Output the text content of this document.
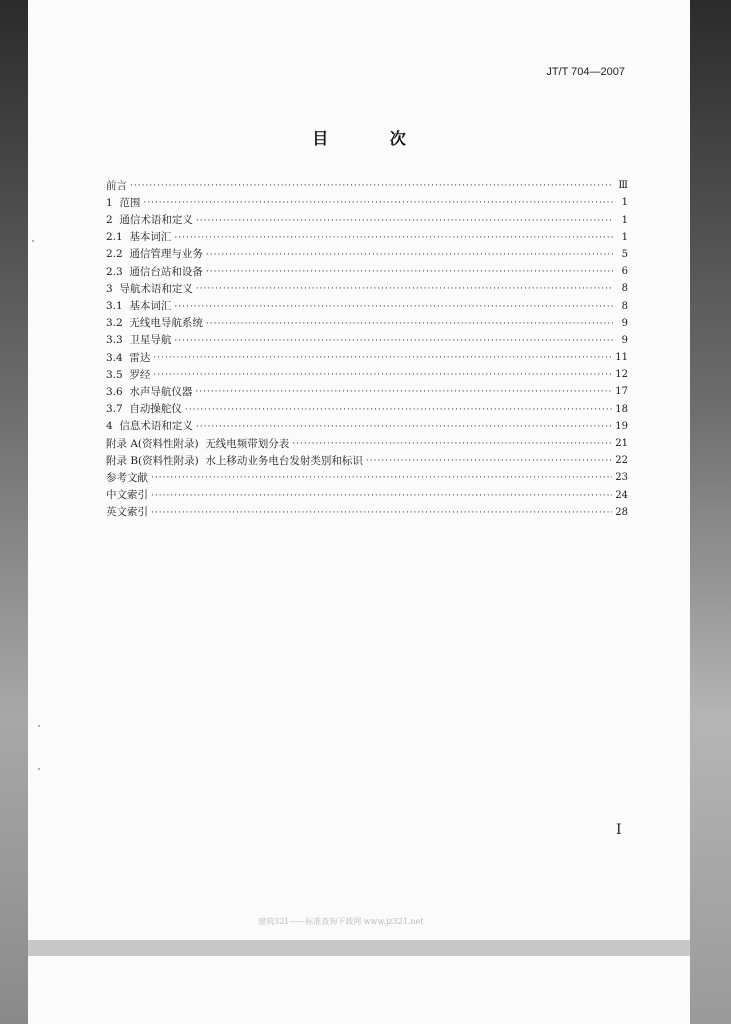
JT/T 704—2007
目 次
前言 ·····	Ⅲ
1  范围 ·····	1
2  通信术语和定义 ·····	1
2.1  基本词汇 ·····	1
2.2  通信管理与业务 ·····	5
2.3  通信台站和设备 ·····	6
3  导航术语和定义 ·····	8
3.1  基本词汇 ·····	8
3.2  无线电导航系统 ·····	9
3.3  卫星导航 ·····	9
3.4  雷达 ·····	11
3.5  罗经 ·····	12
3.6  水声导航仪器 ·····	17
3.7  自动操舵仪 ·····	18
4  信息术语和定义 ·····	19
附录 A(资料性附录)  无线电频带划分表 ·····	21
附录 B(资料性附录)  水上移动业务电台发射类别和标识 ·····	22
参考文献 ·····	23
中文索引 ·····	24
英文索引 ·····	28
I
建筑321——标准查询下载网 www.jz321.net
